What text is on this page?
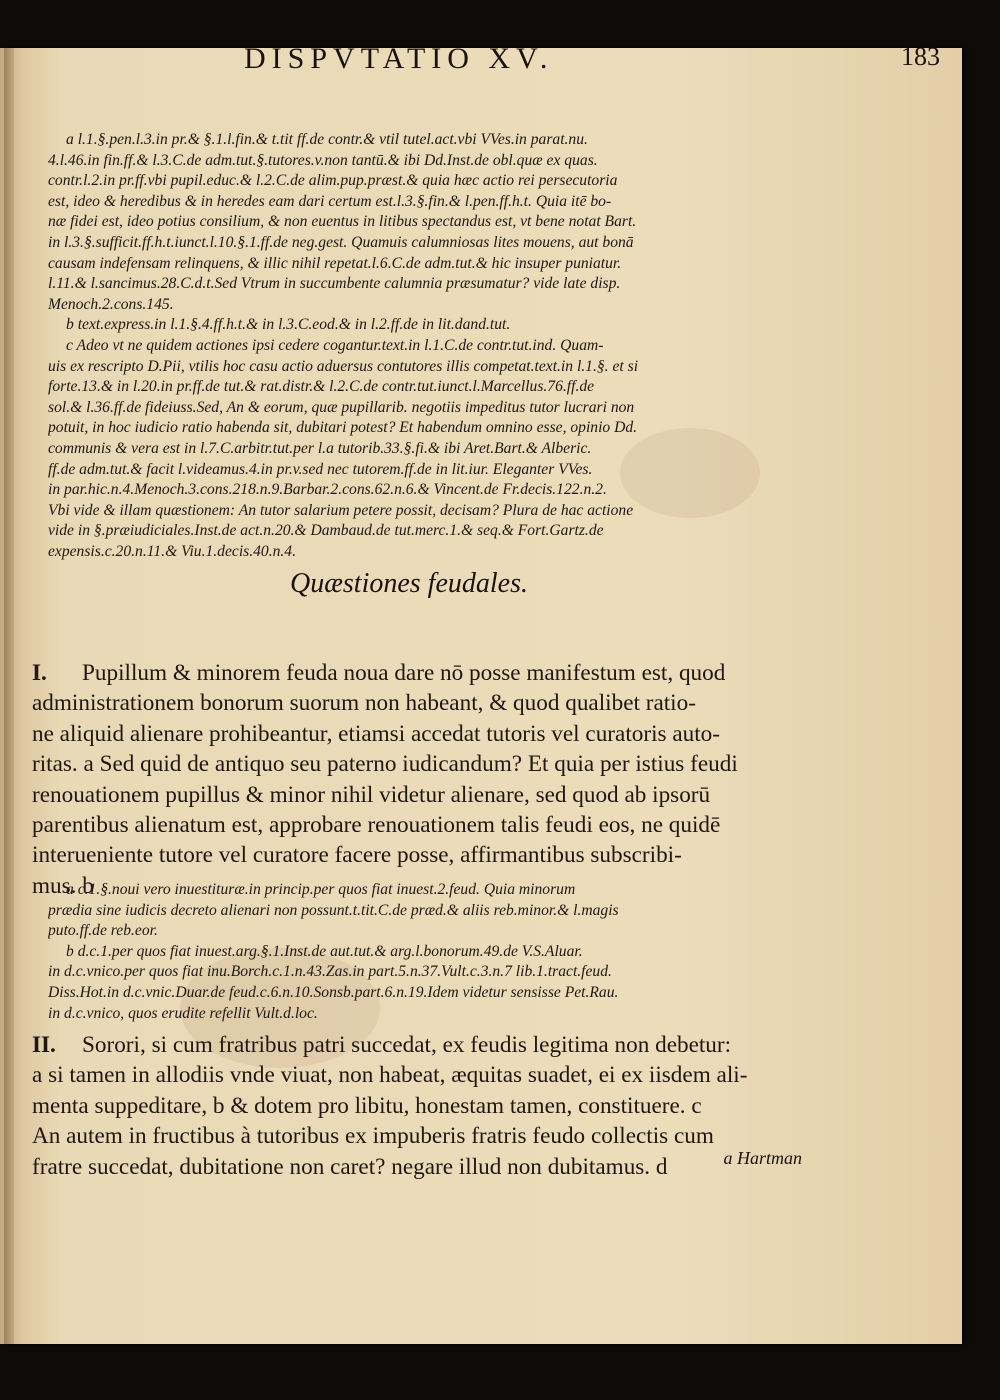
DISPVTATIO XV.	183
a l.1.§.pen.l.3.in pr.& §.1.l.fin.& t.tit ff.de contr.& vtil tutel.act.vbi VVes.in parat.nu.
4.l.46.in fin.ff.& l.3.C.de adm.tut.§.tutores.v.non tantū.& ibi Dd.Inst.de obl.quæ ex quas.
contr.l.2.in pr.ff.vbi pupil.educ.& l.2.C.de alim.pup.præst.& quia hæc actio rei persecutoria
est, ideo & heredibus & in heredes eam dari certum est.l.3.§.fin.& l.pen.ff.h.t. Quia itē bo-
næ fidei est, ideo potius consilium, & non euentus in litibus spectandus est, vt bene notat Bart.
in l.3.§.sufficit.ff.h.t.iunct.l.10.§.1.ff.de neg.gest. Quamuis calumniosas lites mouens, aut bonā
causam indefensam relinquens, & illic nihil repetat.l.6.C.de adm.tut.& hic insuper puniatur.
l.11.& l.sancimus.28.C.d.t.Sed Vtrum in succumbente calumnia præsumatur? vide late disp.
Menoch.2.cons.145.
b text.express.in l.1.§.4.ff.h.t.& in l.3.C.eod.& in l.2.ff.de in lit.dand.tut.
c Adeo vt ne quidem actiones ipsi cedere cogantur.text.in l.1.C.de contr.tut.ind. Quam-
uis ex rescripto D.Pii, vtilis hoc casu actio aduersus contutores illis competat.text.in l.1.§. et si
forte.13.& in l.20.in pr.ff.de tut.& rat.distr.& l.2.C.de contr.tut.iunct.l.Marcellus.76.ff.de
sol.& l.36.ff.de fideiuss.Sed, An & eorum, quæ pupillarib. negotiis impeditus tutor lucrari non
potuit, in hoc iudicio ratio habenda sit, dubitari potest? Et habendum omnino esse, opinio Dd.
communis & vera est in l.7.C.arbitr.tut.per l.a tutorib.33.§.fi.& ibi Aret.Bart.& Alberic.
ff.de adm.tut.& facit l.videamus.4.in pr.v.sed nec tutorem.ff.de in lit.iur. Eleganter VVes.
in par.hic.n.4.Menoch.3.cons.218.n.9.Barbar.2.cons.62.n.6.& Vincent.de Fr.decis.122.n.2.
Vbi vide & illam quæstionem: An tutor salarium petere possit, decisam? Plura de hac actione
vide in §.præiudiciales.Inst.de act.n.20.& Dambaud.de tut.merc.1.& seq.& Fort.Gartz.de
expensis.c.20.n.11.& Viu.1.decis.40.n.4.
Quæstiones feudales.
I. Pupillum & minorem feuda noua dare nō posse manifestum est, quod
administrationem bonorum suorum non habeant, & quod qualibet ratio-
ne aliquid alienare prohibeantur, etiamsi accedat tutoris vel curatoris auto-
ritas. a Sed quid de antiquo seu paterno iudicandum? Et quia per istius feudi
renouationem pupillus & minor nihil videtur alienare, sed quod ab ipsorū
parentibus alienatum est, approbare renouationem talis feudi eos, ne quidē
interueniente tutore vel curatore facere posse, affirmantibus subscribi-
mus. b
a c.1.§.noui vero inuestituræ.in princip.per quos fiat inuest.2.feud. Quia minorum
prædia sine iudicis decreto alienari non possunt.t.tit.C.de præd.& aliis reb.minor.& l.magis
puto.ff.de reb.eor.
b d.c.1.per quos fiat inuest.arg.§.1.Inst.de aut.tut.& arg.l.bonorum.49.de V.S.Aluar.
in d.c.vnico.per quos fiat inu.Borch.c.1.n.43.Zas.in part.5.n.37.Vult.c.3.n.7 lib.1.tract.feud.
Diss.Hot.in d.c.vnic.Duar.de feud.c.6.n.10.Sonsb.part.6.n.19.Idem videtur sensisse Pet.Rau.
in d.c.vnico, quos erudite refellit Vult.d.loc.
II. Sorori, si cum fratribus patri succedat, ex feudis legitima non debetur:
a si tamen in allodiis vnde viuat, non habeat, æquitas suadet, ei ex iisdem ali-
menta suppeditare, b & dotem pro libitu, honestam tamen, constituere. c
An autem in fructibus à tutoribus ex impuberis fratris feudo collectis cum
fratre succedat, dubitatione non caret? negare illud non dubitamus. d	a Hartman
